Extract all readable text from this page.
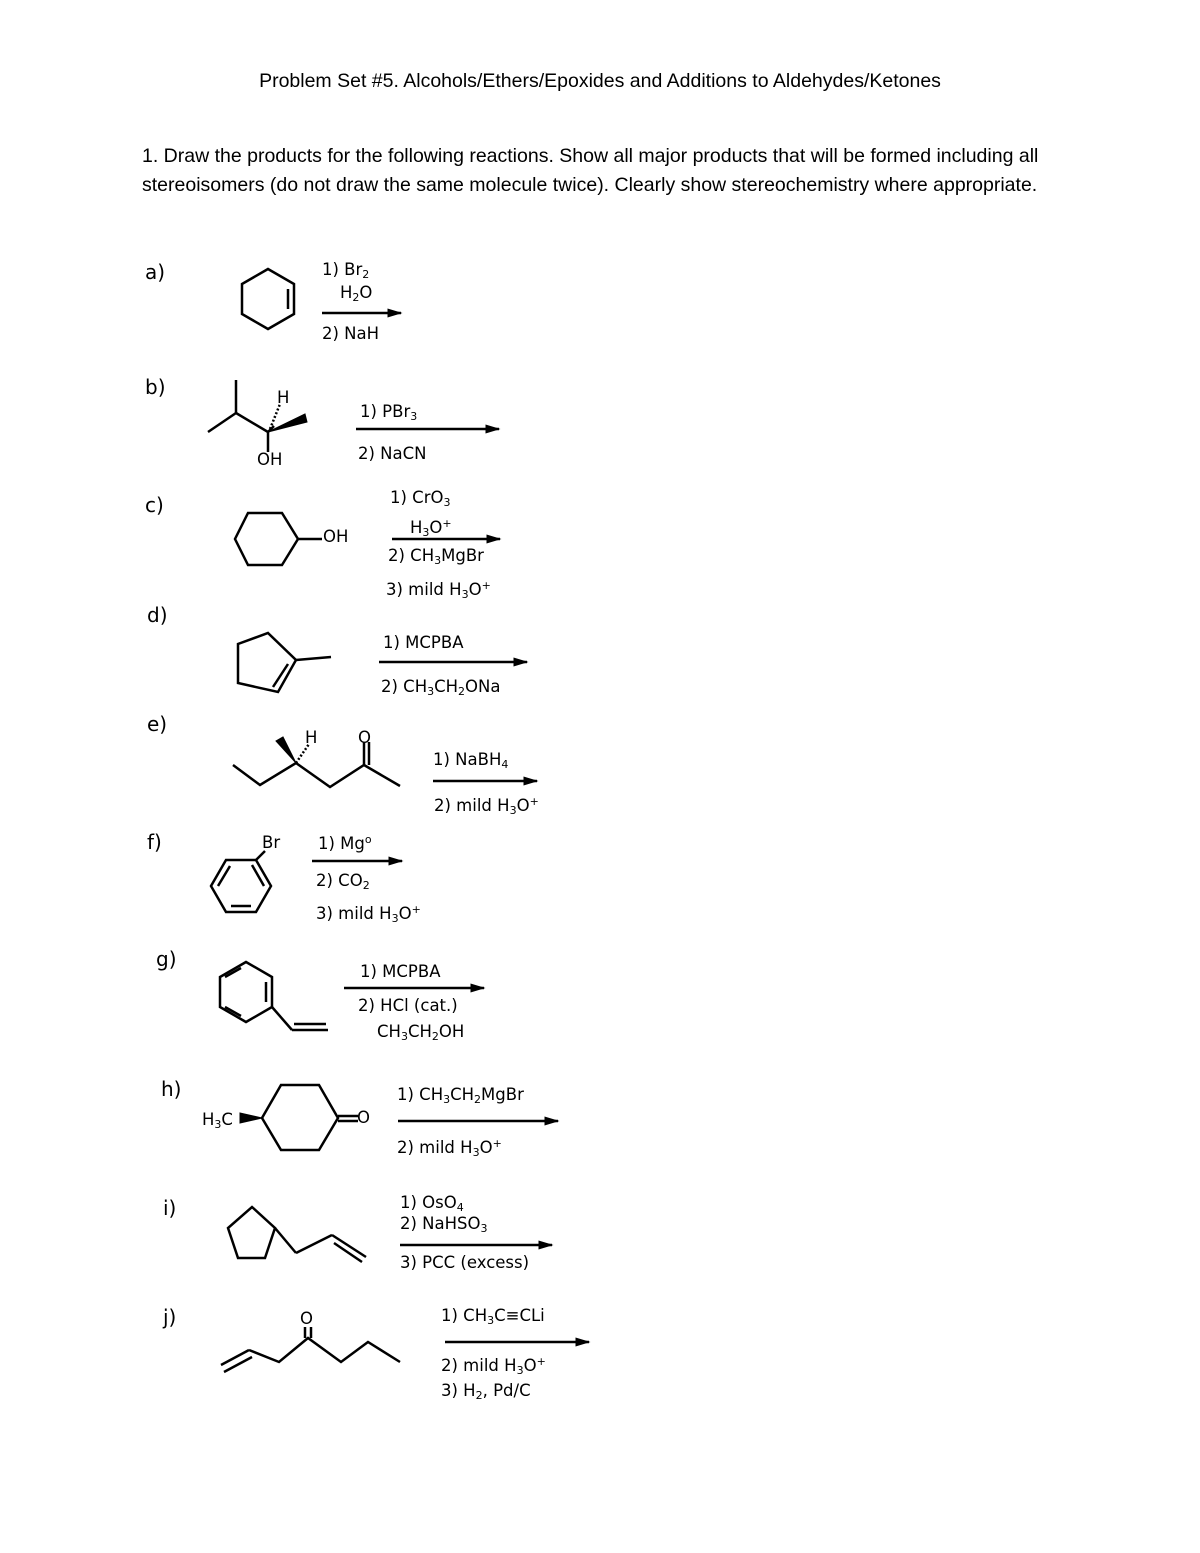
Problem Set #5. Alcohols/Ethers/Epoxides and Additions to Aldehydes/Ketones
1. Draw the products for the following reactions. Show all major products that will be formed including all stereoisomers (do not draw the same molecule twice). Clearly show stereochemistry where appropriate.
a)
b)
c)
d)
e)
f)
g)
h)
i)
j)
1) $Br_2$
$H_2O$
2) NaH
1) PBr$_3$
2) NaCN
1) CrO$_3$
$H_3O^+$
2) $CH_3MgBr$
3) mild $H_3O^+$
1) MCPBA
2) $CH_3CH_2ONa$
1) NaBH$_4$
2) mild $H_3O^+$
1) Mg$^o$
2) $CO_2$
3) mild $H_3O^+$
1) MCPBA
2) HCl (cat.)
$CH_3CH_2OH$
1) $CH_3CH_2MgBr$
2) mild $H_3O^+$
1) OsO$_4$
2) NaHSO$_3$
3) PCC (excess)
1) $CH_3C\equiv CLi$
2) mild $H_3O^+$
3) $H_2$, Pd/C
H
OH
OH
H O
Br
$H_3C$	O
O
